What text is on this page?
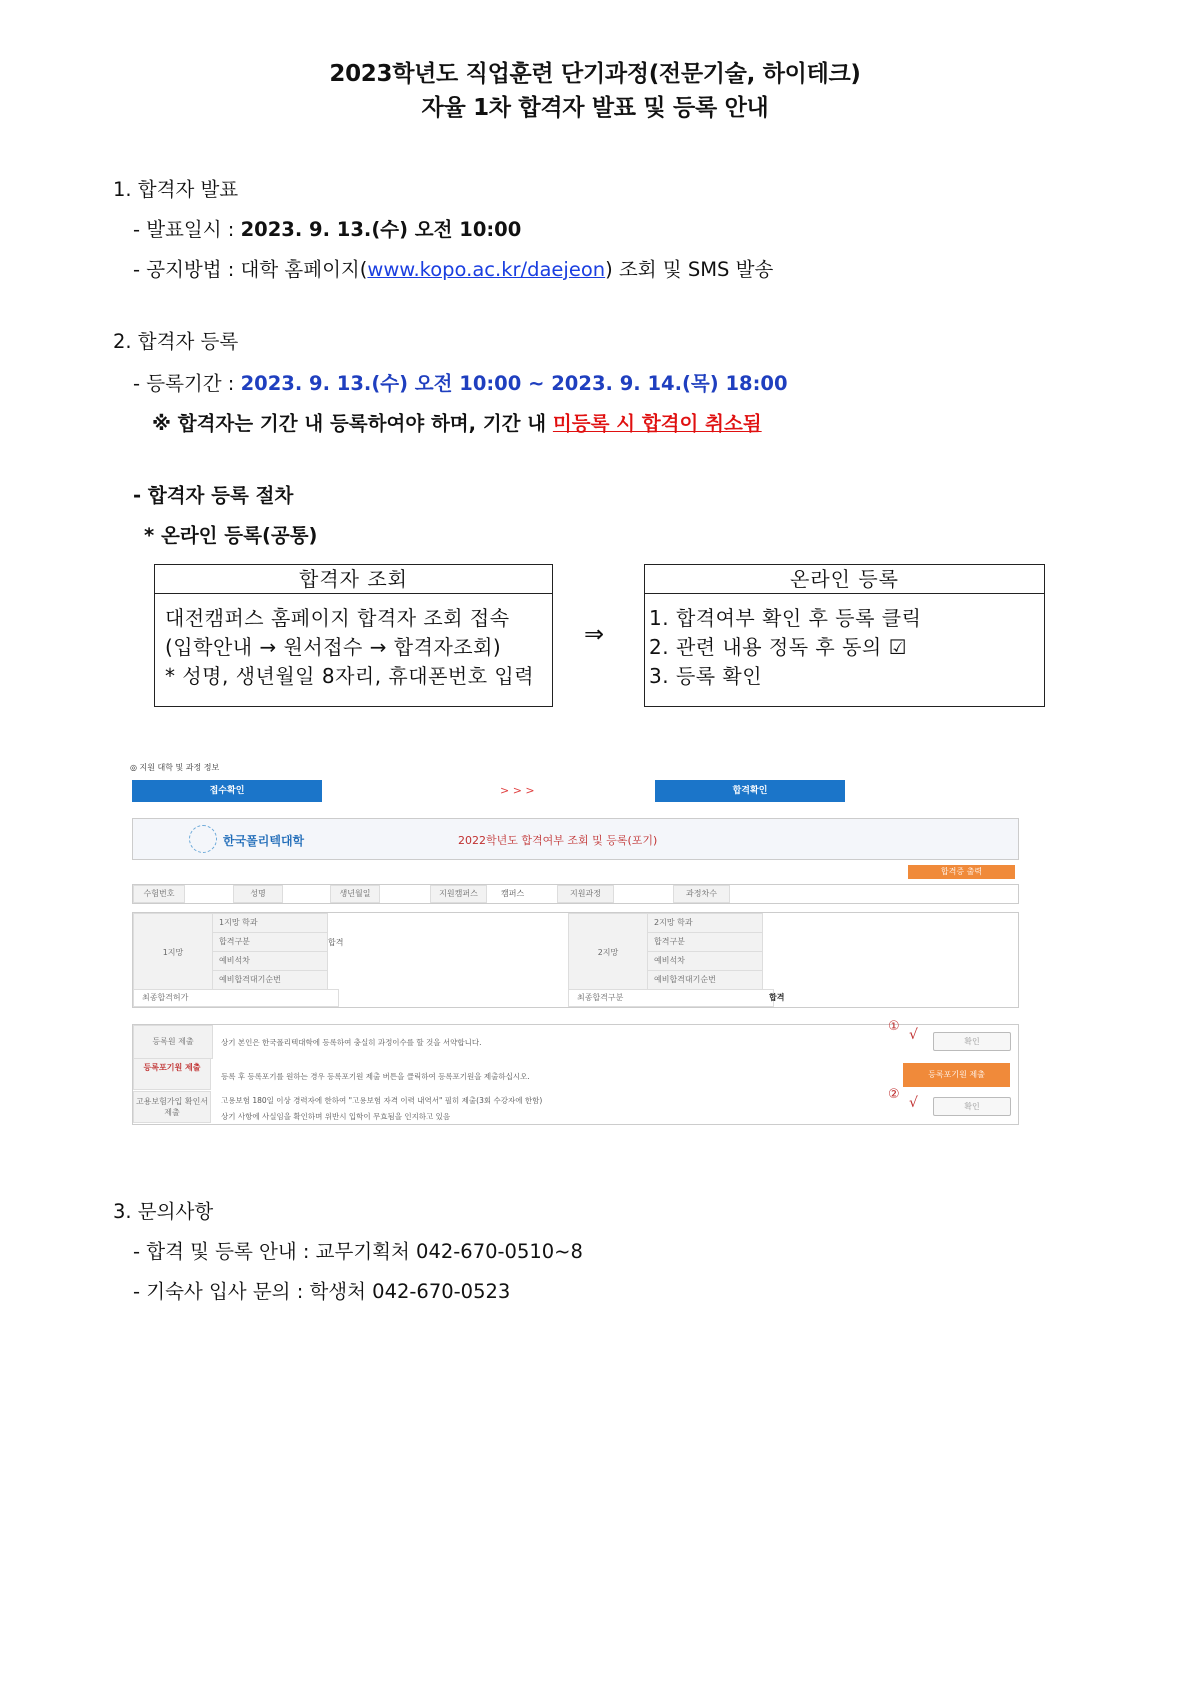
2023학년도 직업훈련 단기과정(전문기술, 하이테크)
자율 1차 합격자 발표 및 등록 안내
1. 합격자 발표
- 발표일시 : 2023. 9. 13.(수) 오전 10:00
- 공지방법 : 대학 홈페이지(www.kopo.ac.kr/daejeon) 조회 및 SMS 발송
2. 합격자 등록
- 등록기간 : 2023. 9. 13.(수) 오전 10:00 ~ 2023. 9. 14.(목) 18:00
※ 합격자는 기간 내 등록하여야 하며, 기간 내 미등록 시 합격이 취소됨
- 합격자 등록 절차
* 온라인 등록(공통)
합격자 조회
대전캠퍼스 홈페이지 합격자 조회 접속
(입학안내 → 원서접수 → 합격자조회)
* 성명, 생년월일 8자리, 휴대폰번호 입력
⇒
온라인 등록
1. 합격여부 확인 후 등록 클릭
2. 관련 내용 정독 후 동의 ☑
3. 등록 확인
◎ 지원 대학 및 과정 정보
접수확인	> > >	합격확인
한국폴리텍대학	2022학년도 합격여부 조회 및 등록(포기)
합격증 출력
수험번호	성명	생년월일	지원캠퍼스	캠퍼스	지원과정	과정차수
1지망
1지망 학과
합격구분	합격
예비석차
예비합격대기순번
2지망
2지망 학과
합격구분
예비석차
예비합격대기순번
최종합격허가	최종합격구분	합격
등록원 제출	상기 본인은 한국폴리텍대학에 등록하여 충실히 과정이수를 할 것을 서약합니다.
①
√	확인
등록포기원 제출
등록 후 등록포기를 원하는 경우 등록포기원 제출 버튼을 클릭하여 등록포기원을 제출하십시오.	등록포기원 제출
고용보험가입 확인서 제출
고용보험 180일 이상 경력자에 한하여 "고용보험 자격 이력 내역서" 필히 제출(3회 수강자에 한함)
상기 사항에 사실임을 확인하며 위반시 입학이 무효됨을 인지하고 있음
②
√	확인
3. 문의사항
- 합격 및 등록 안내 : 교무기획처 042-670-0510~8
- 기숙사 입사 문의 : 학생처 042-670-0523
